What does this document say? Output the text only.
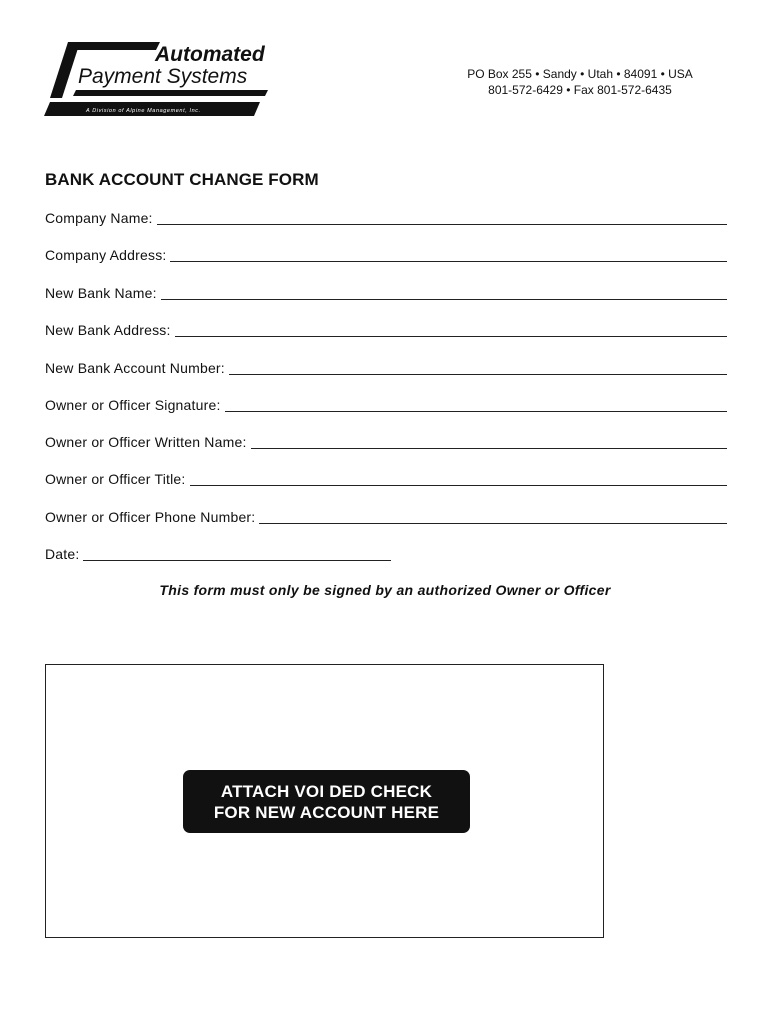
Automated
Payment Systems
A Division of Alpine Management, Inc.
PO Box 255 • Sandy • Utah • 84091 • USA
801-572-6429 • Fax 801-572-6435
BANK ACCOUNT CHANGE FORM
Company Name:
Company Address:
New Bank Name:
New Bank Address:
New Bank Account Number:
Owner or Officer Signature:
Owner or Officer Written Name:
Owner or Officer Title:
Owner or Officer Phone Number:
Date:
This form must only be signed by an authorized Owner or Officer
ATTACH VOI DED CHECK
FOR NEW ACCOUNT HERE
